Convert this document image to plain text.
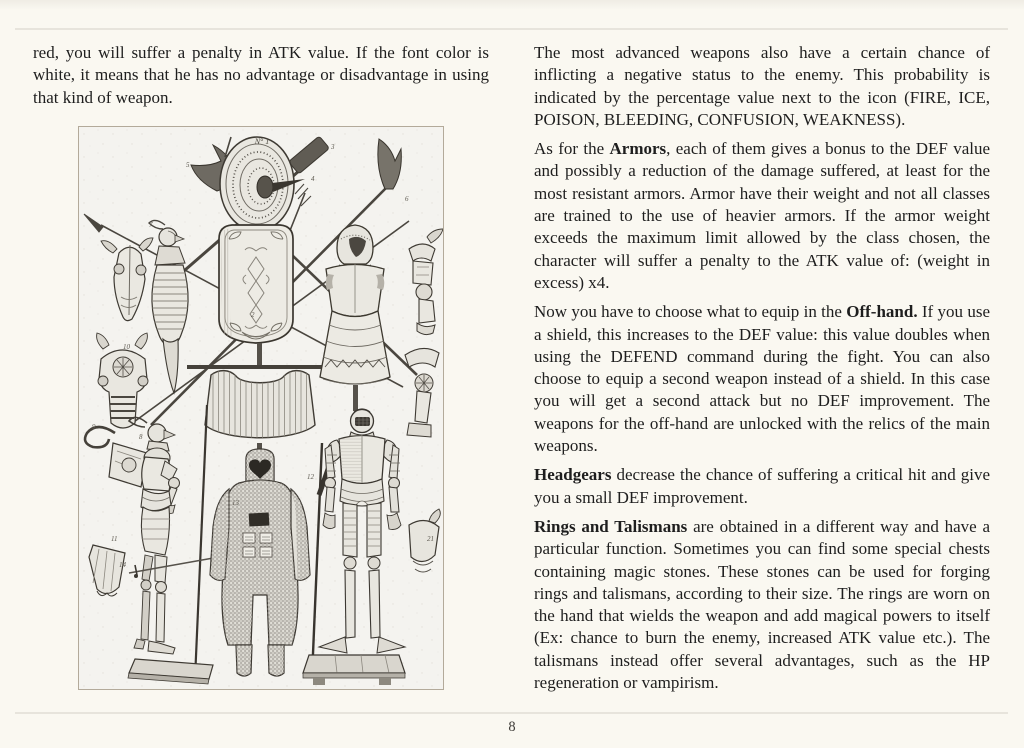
red, you will suffer a penalty in ATK value. If the font color is white, it means that he has no advantage or disadvantage in using that kind of weapon.

N° 1
5
3
4
6
7
2
10
9
8
12
13
11
14
21

The most advanced weapons also have a certain chance of inflicting a negative status to the enemy. This probability is indicated by the percentage value next to the icon (FIRE, ICE, POISON, BLEEDING, CONFUSION, WEAKNESS).

As for the Armors, each of them gives a bonus to the DEF value and possibly a reduction of the damage suffered, at least for the most resistant armors. Armor have their weight and not all classes are trained to the use of heavier armors. If the armor weight exceeds the maximum limit allowed by the class chosen, the character will suffer a penalty to the ATK value of: (weight in excess) x4.

Now you have to choose what to equip in the Off-hand. If you use a shield, this increases to the DEF value: this value doubles when using the DEFEND command during the fight. You can also choose to equip a second weapon instead of a shield. In this case you will get a second attack but no DEF improvement. The weapons for the off-hand are unlocked with the relics of the main weapons.

Headgears decrease the chance of suffering a critical hit and give you a small DEF improvement.

Rings and Talismans are obtained in a different way and have a particular function. Sometimes you can find some special chests containing magic stones. These stones can be used for forging rings and talismans, according to their size. The rings are worn on the hand that wields the weapon and add magical powers to itself (Ex: chance to burn the enemy, increased ATK value etc.). The talismans instead offer several advantages, such as the HP regeneration or vampirism.

8
